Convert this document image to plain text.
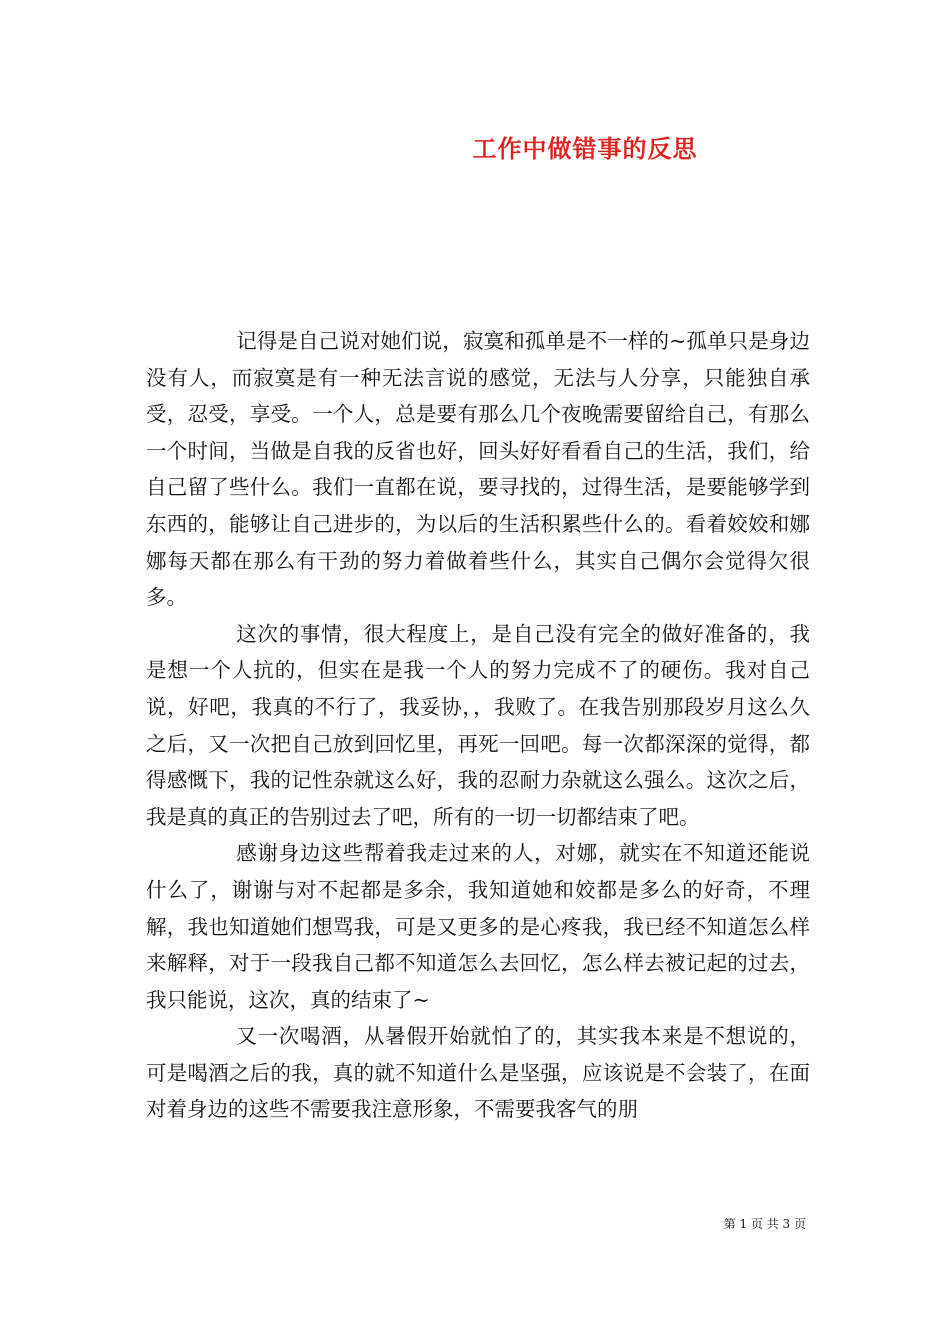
工作中做错事的反思

记得是自己说对她们说，寂寞和孤单是不一样的~孤单只是身边没有人，而寂寞是有一种无法言说的感觉，无法与人分享，只能独自承受，忍受，享受。一个人，总是要有那么几个夜晚需要留给自己，有那么一个时间，当做是自我的反省也好，回头好好看看自己的生活，我们，给自己留了些什么。我们一直都在说，要寻找的，过得生活，是要能够学到东西的，能够让自己进步的，为以后的生活积累些什么的。看着姣姣和娜娜每天都在那么有干劲的努力着做着些什么，其实自己偶尔会觉得欠很多。

这次的事情，很大程度上，是自己没有完全的做好准备的，我是想一个人抗的，但实在是我一个人的努力完成不了的硬伤。我对自己说，好吧，我真的不行了，我妥协，，我败了。在我告别那段岁月这么久之后，又一次把自己放到回忆里，再死一回吧。每一次都深深的觉得，都得感慨下，我的记性杂就这么好，我的忍耐力杂就这么强么。这次之后，我是真的真正的告别过去了吧，所有的一切一切都结束了吧。

感谢身边这些帮着我走过来的人，对娜，就实在不知道还能说什么了，谢谢与对不起都是多余，我知道她和姣都是多么的好奇，不理解，我也知道她们想骂我，可是又更多的是心疼我，我已经不知道怎么样来解释，对于一段我自己都不知道怎么去回忆，怎么样去被记起的过去，我只能说，这次，真的结束了~

又一次喝酒，从暑假开始就怕了的，其实我本来是不想说的，可是喝酒之后的我，真的就不知道什么是坚强，应该说是不会装了，在面对着身边的这些不需要我注意形象，不需要我客气的朋

第 1 页 共 3 页
